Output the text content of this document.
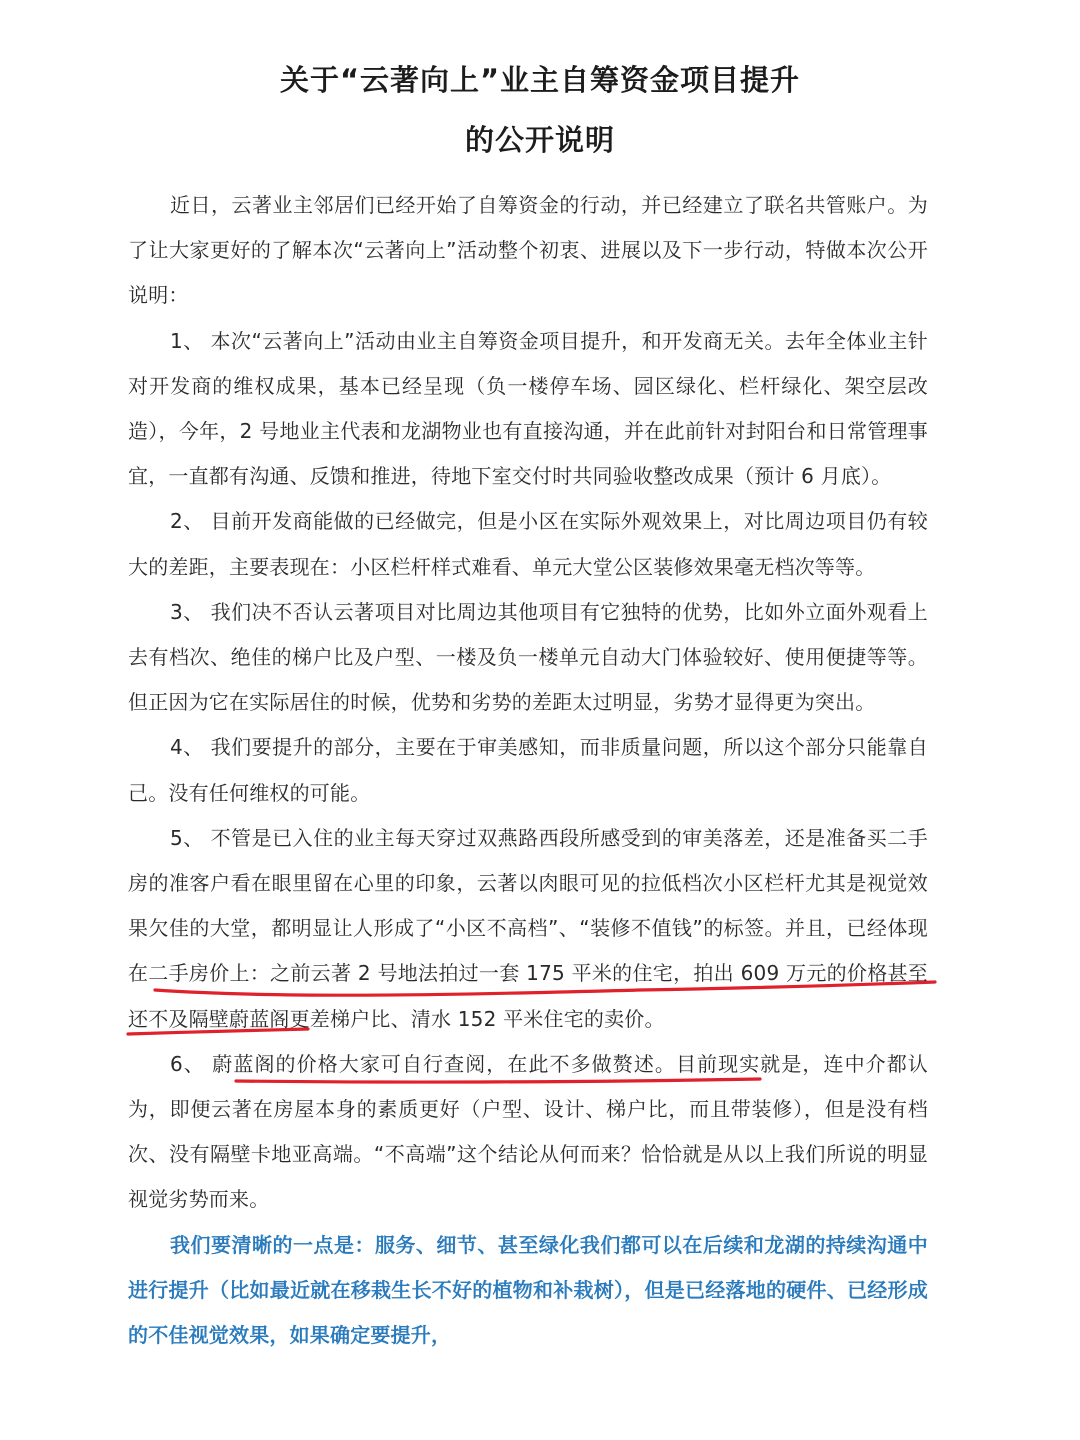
关于“云著向上”业主自筹资金项目提升
的公开说明

近日，云著业主邻居们已经开始了自筹资金的行动，并已经建立了联名共管账户。为了让大家更好的了解本次“云著向上”活动整个初衷、进展以及下一步行动，特做本次公开说明：

1、 本次“云著向上”活动由业主自筹资金项目提升，和开发商无关。去年全体业主针对开发商的维权成果，基本已经呈现（负一楼停车场、园区绿化、栏杆绿化、架空层改造），今年，2 号地业主代表和龙湖物业也有直接沟通，并在此前针对封阳台和日常管理事宜，一直都有沟通、反馈和推进，待地下室交付时共同验收整改成果（预计 6 月底）。

2、 目前开发商能做的已经做完，但是小区在实际外观效果上，对比周边项目仍有较大的差距，主要表现在：小区栏杆样式难看、单元大堂公区装修效果毫无档次等等。

3、 我们决不否认云著项目对比周边其他项目有它独特的优势，比如外立面外观看上去有档次、绝佳的梯户比及户型、一楼及负一楼单元自动大门体验较好、使用便捷等等。但正因为它在实际居住的时候，优势和劣势的差距太过明显，劣势才显得更为突出。

4、 我们要提升的部分，主要在于审美感知，而非质量问题，所以这个部分只能靠自己。没有任何维权的可能。

5、 不管是已入住的业主每天穿过双燕路西段所感受到的审美落差，还是准备买二手房的准客户看在眼里留在心里的印象，云著以肉眼可见的拉低档次小区栏杆尤其是视觉效果欠佳的大堂，都明显让人形成了“小区不高档”、“装修不值钱”的标签。并且，已经体现在二手房价上：之前云著 2 号地法拍过一套 175 平米的住宅，拍出 609 万元的价格甚至还不及隔壁蔚蓝阁更差梯户比、清水 152 平米住宅的卖价。

6、 蔚蓝阁的价格大家可自行查阅，在此不多做赘述。目前现实就是，连中介都认为，即便云著在房屋本身的素质更好（户型、设计、梯户比，而且带装修），但是没有档次、没有隔壁卡地亚高端。“不高端”这个结论从何而来？恰恰就是从以上我们所说的明显视觉劣势而来。

我们要清晰的一点是：服务、细节、甚至绿化我们都可以在后续和龙湖的持续沟通中进行提升（比如最近就在移栽生长不好的植物和补栽树），但是已经落地的硬件、已经形成的不佳视觉效果，如果确定要提升，
